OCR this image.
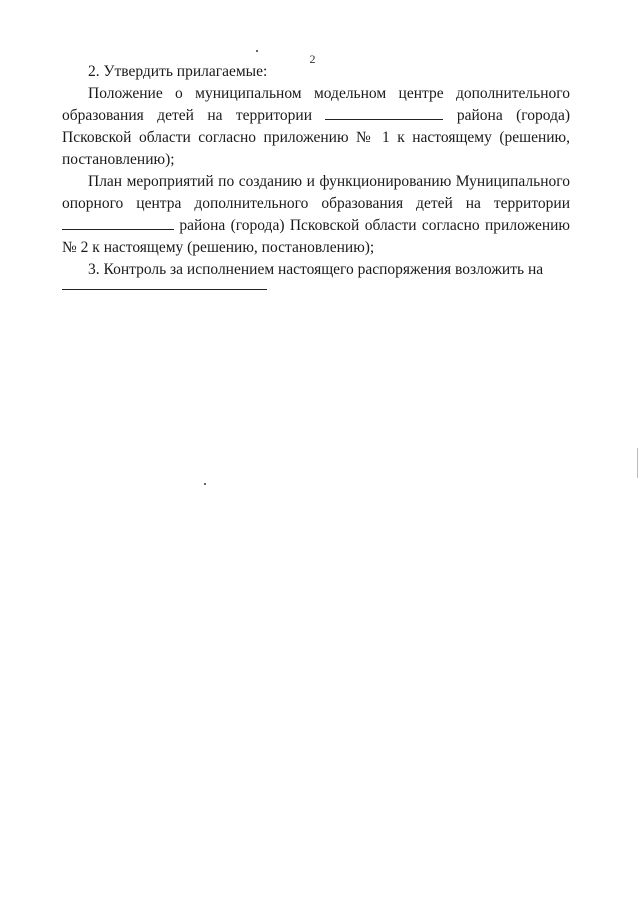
2

2. Утвердить прилагаемые:

Положение о муниципальном модельном центре дополнительного образования детей на территории	района (города) Псковской области согласно приложению № 1 к настоящему (решению, постановлению);

План мероприятий по созданию и функционированию Муниципального опорного центра дополнительного образования детей на территории  района (города) Псковской области согласно приложению № 2 к настоящему (решению, постановлению);

3. Контроль за исполнением настоящего распоряжения возложить на
